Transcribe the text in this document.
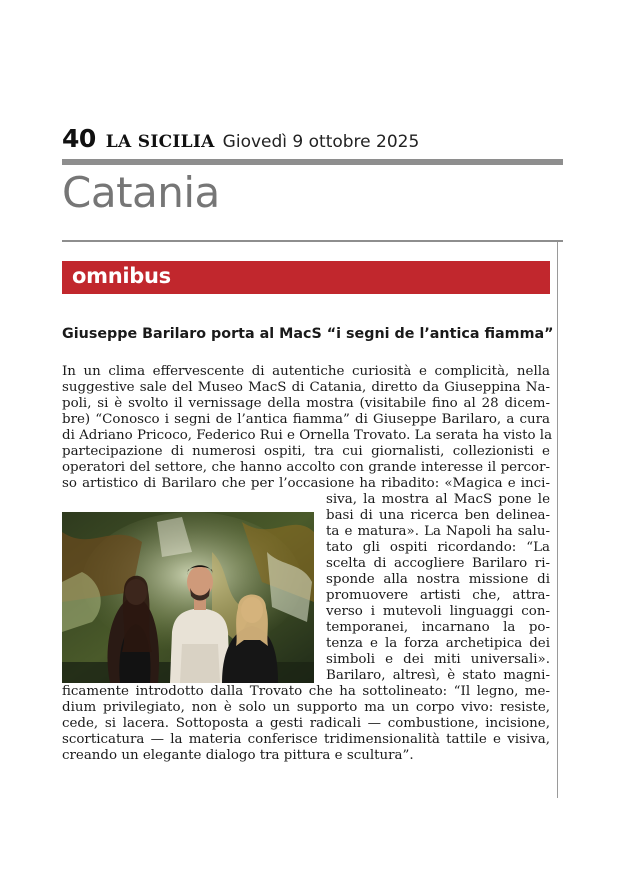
40 LA SICILIA Giovedì 9 ottobre 2025
Catania
omnibus
Giuseppe Barilaro porta al MacS “i segni de l’antica fiamma”
In un clima effervescente di autentiche curiosità e complicità, nella
suggestive sale del Museo MacS di Catania, diretto da Giuseppina Na-
poli, si è svolto il vernissage della mostra (visitabile fino al 28 dicem-
bre) “Conosco i segni de l’antica fiamma” di Giuseppe Barilaro, a cura
di Adriano Pricoco, Federico Rui e Ornella Trovato. La serata ha visto la
partecipazione di numerosi ospiti, tra cui giornalisti, collezionisti e
operatori del settore, che hanno accolto con grande interesse il percor-
so artistico di Barilaro che per l’occasione ha ribadito: «Magica e inci-
siva, la mostra al MacS pone le
basi di una ricerca ben delinea-
ta e matura». La Napoli ha salu-
tato gli ospiti ricordando: “La
scelta di accogliere Barilaro ri-
sponde alla nostra missione di
promuovere artisti che, attra-
verso i mutevoli linguaggi con-
temporanei, incarnano la po-
tenza e la forza archetipica dei
simboli e dei miti universali».
Barilaro, altresì, è stato magni-
ficamente introdotto dalla Trovato che ha sottolineato: “Il legno, me-
dium privilegiato, non è solo un supporto ma un corpo vivo: resiste,
cede, si lacera. Sottoposta a gesti radicali — combustione, incisione,
scorticatura — la materia conferisce tridimensionalità tattile e visiva,
creando un elegante dialogo tra pittura e scultura”.
